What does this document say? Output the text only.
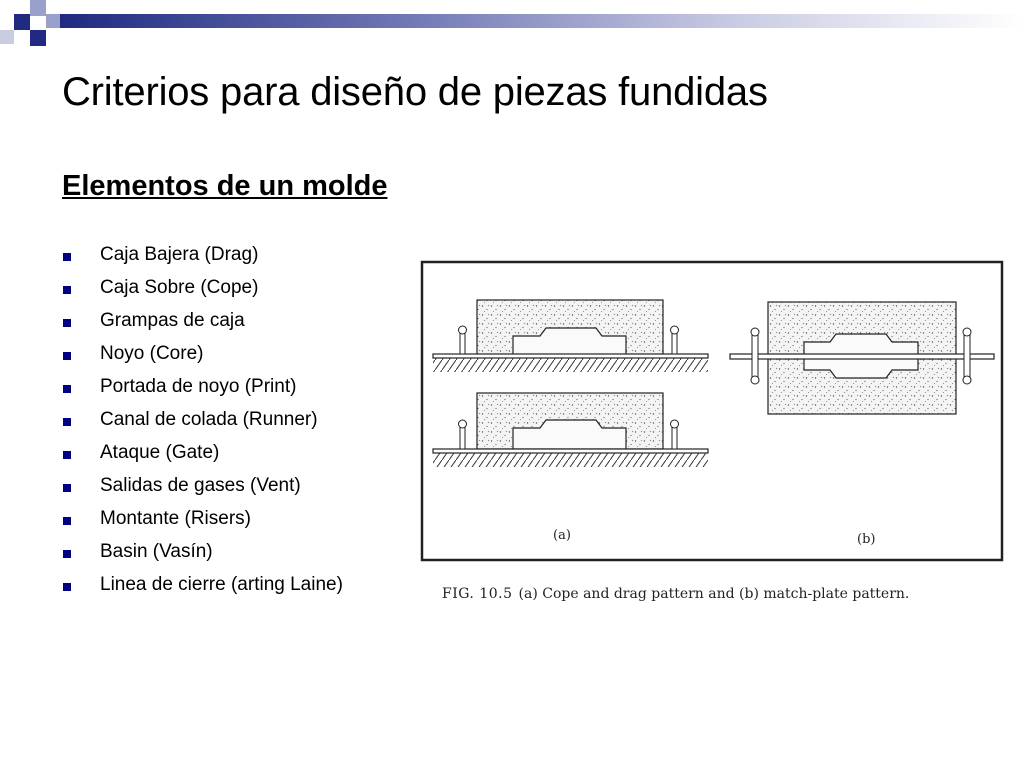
Criterios para diseño de piezas fundidas
Elementos de un molde
Caja Bajera (Drag)
Caja Sobre (Cope)
Grampas de caja
Noyo (Core)
Portada de noyo (Print)
Canal de colada (Runner)
Ataque (Gate)
Salidas de gases (Vent)
Montante (Risers)
Basin (Vasín)
Linea de cierre (arting Laine)
(a)	(b)
FIG. 10.5 (a) Cope and drag pattern and (b) match-plate pattern.
